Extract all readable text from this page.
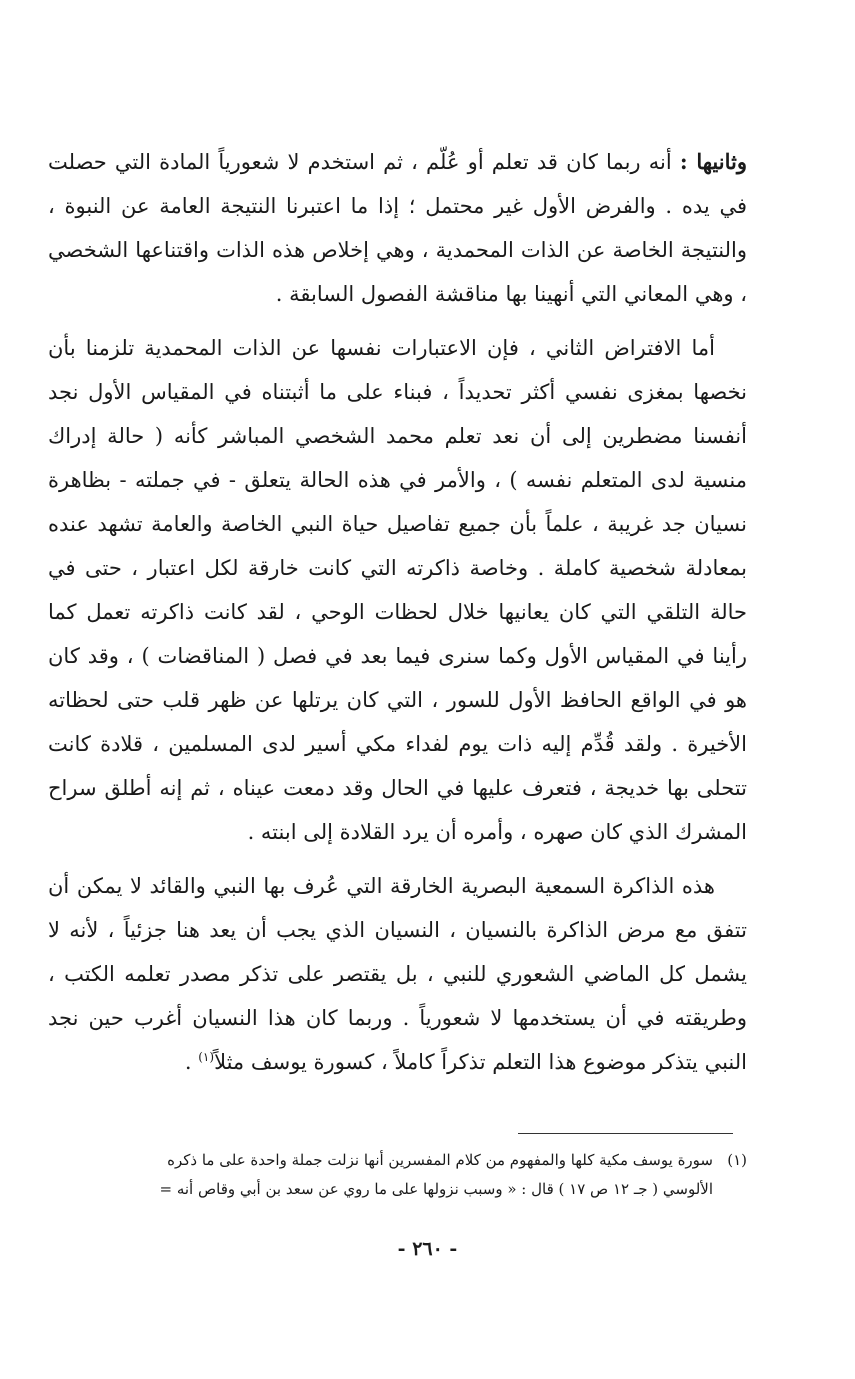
وثانيها : أنه ربما كان قد تعلم أو عُلّم ، ثم استخدم لا شعورياً المادة التي حصلت في يده . والفرض الأول غير محتمل ؛ إذا ما اعتبرنا النتيجة العامة عن النبوة ، والنتيجة الخاصة عن الذات المحمدية ، وهي إخلاص هذه الذات واقتناعها الشخصي ، وهي المعاني التي أنهينا بها مناقشة الفصول السابقة .

أما الافتراض الثاني ، فإن الاعتبارات نفسها عن الذات المحمدية تلزمنا بأن نخصها بمغزى نفسي أكثر تحديداً ، فبناء على ما أثبتناه في المقياس الأول نجد أنفسنا مضطرين إلى أن نعد تعلم محمد الشخصي المباشر كأنه ( حالة إدراك منسية لدى المتعلم نفسه ) ، والأمر في هذه الحالة يتعلق - في جملته - بظاهرة نسيان جد غريبة ، علماً بأن جميع تفاصيل حياة النبي الخاصة والعامة تشهد عنده بمعادلة شخصية كاملة . وخاصة ذاكرته التي كانت خارقة لكل اعتبار ، حتى في حالة التلقي التي كان يعانيها خلال لحظات الوحي ، لقد كانت ذاكرته تعمل كما رأينا في المقياس الأول وكما سنرى فيما بعد في فصل ( المناقضات ) ، وقد كان هو في الواقع الحافظ الأول للسور ، التي كان يرتلها عن ظهر قلب حتى لحظاته الأخيرة . ولقد قُدِّم إليه ذات يوم لفداء مكي أسير لدى المسلمين ، قلادة كانت تتحلى بها خديجة ، فتعرف عليها في الحال وقد دمعت عيناه ، ثم إنه أطلق سراح المشرك الذي كان صهره ، وأمره أن يرد القلادة إلى ابنته .

هذه الذاكرة السمعية البصرية الخارقة التي عُرف بها النبي والقائد لا يمكن أن تتفق مع مرض الذاكرة بالنسيان ، النسيان الذي يجب أن يعد هنا جزئياً ، لأنه لا يشمل كل الماضي الشعوري للنبي ، بل يقتصر على تذكر مصدر تعلمه الكتب ، وطريقته في أن يستخدمها لا شعورياً . وربما كان هذا النسيان أغرب حين نجد النبي يتذكر موضوع هذا التعلم تذكراً كاملاً ، كسورة يوسف مثلاً$^{(١)}$ .

(١)سورة يوسف مكية كلها والمفهوم من كلام المفسرين أنها نزلت جملة واحدة على ما ذكره
الألوسي ( جـ ١٢ ص ١٧ ) قال : « وسبب نزولها على ما روي عن سعد بن أبي وقاص أنه =
- ٢٦٠ -
